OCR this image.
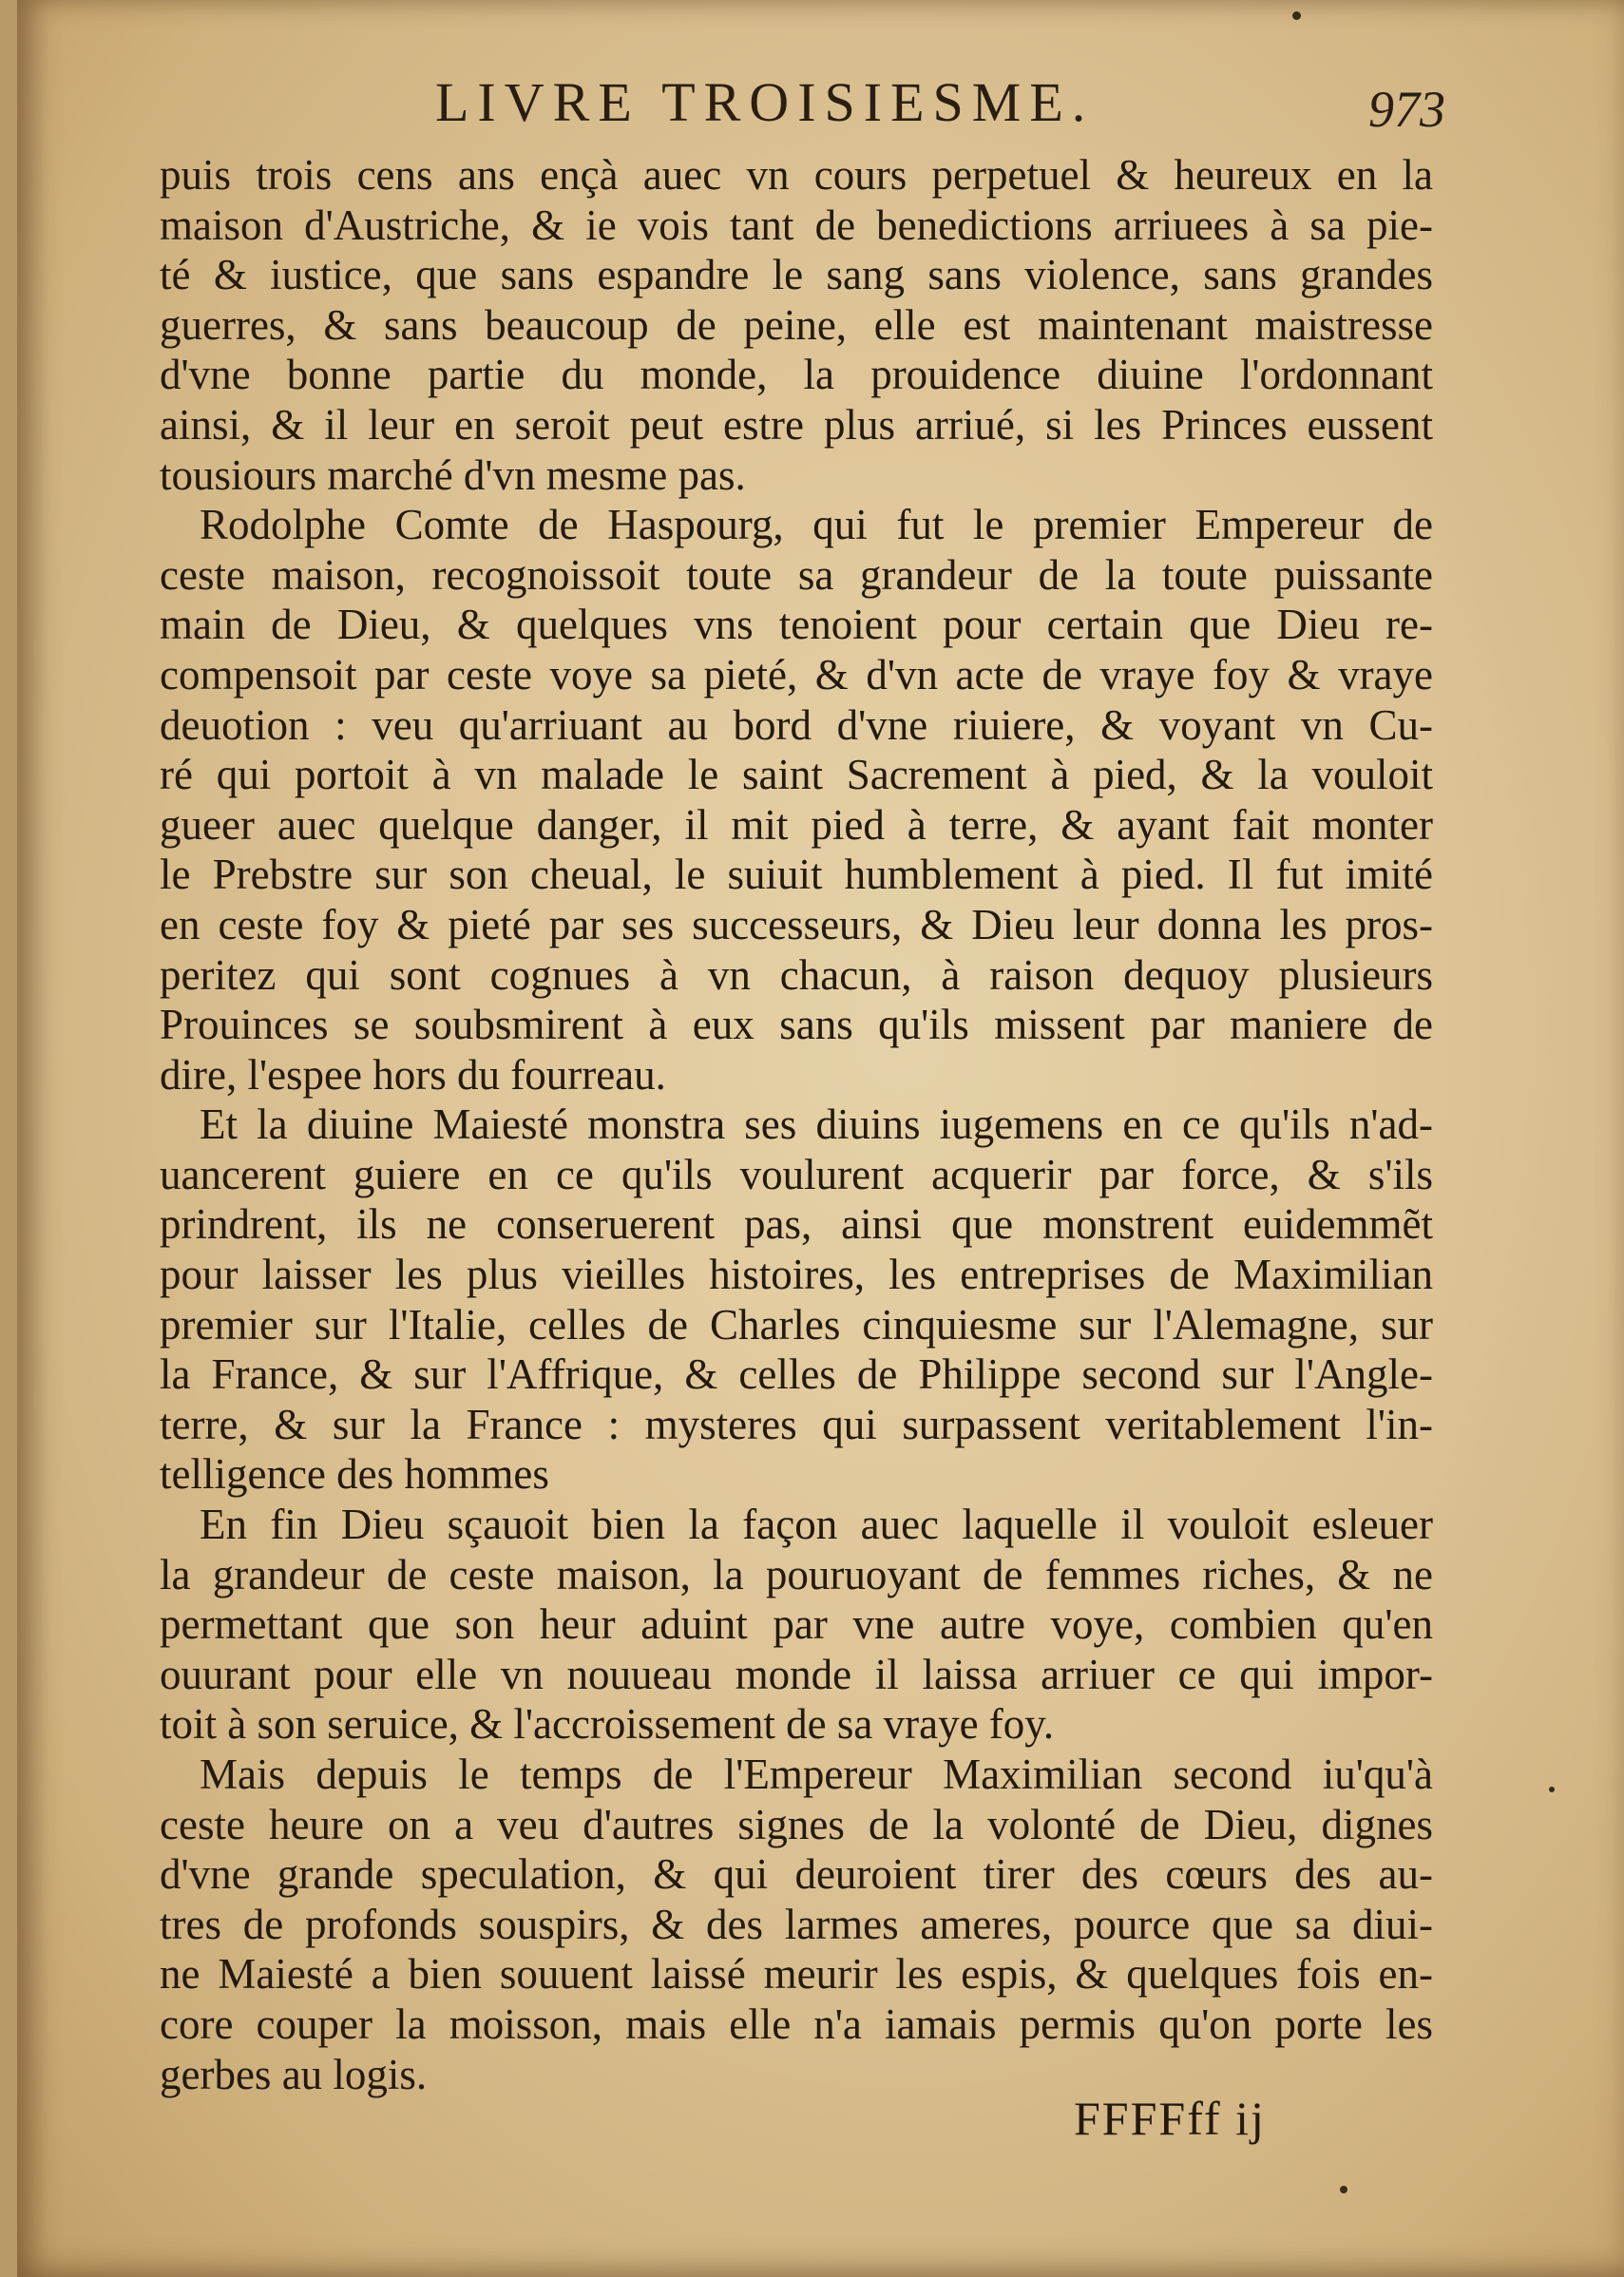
LIVRE TROISIESME.	973
puis trois cens ans ençà auec vn cours perpetuel & heureux en la
maison d'Austriche, & ie vois tant de benedictions arriuees à sa pie-
té & iustice, que sans espandre le sang sans violence, sans grandes
guerres, & sans beaucoup de peine, elle est maintenant maistresse
d'vne bonne partie du monde, la prouidence diuine l'ordonnant
ainsi, & il leur en seroit peut estre plus arriué, si les Princes eussent
tousiours marché d'vn mesme pas.
Rodolphe Comte de Haspourg, qui fut le premier Empereur de
ceste maison, recognoissoit toute sa grandeur de la toute puissante
main de Dieu, & quelques vns tenoient pour certain que Dieu re-
compensoit par ceste voye sa pieté, & d'vn acte de vraye foy & vraye
deuotion : veu qu'arriuant au bord d'vne riuiere, & voyant vn Cu-
ré qui portoit à vn malade le saint Sacrement à pied, & la vouloit
gueer auec quelque danger, il mit pied à terre, & ayant fait monter
le Prebstre sur son cheual, le suiuit humblement à pied. Il fut imité
en ceste foy & pieté par ses successeurs, & Dieu leur donna les pros-
peritez qui sont cognues à vn chacun, à raison dequoy plusieurs
Prouinces se soubsmirent à eux sans qu'ils missent par maniere de
dire, l'espee hors du fourreau.
Et la diuine Maiesté monstra ses diuins iugemens en ce qu'ils n'ad-
uancerent guiere en ce qu'ils voulurent acquerir par force, & s'ils
prindrent, ils ne conseruerent pas, ainsi que monstrent euidemmẽt
pour laisser les plus vieilles histoires, les entreprises de Maximilian
premier sur l'Italie, celles de Charles cinquiesme sur l'Alemagne, sur
la France, & sur l'Affrique, & celles de Philippe second sur l'Angle-
terre, & sur la France : mysteres qui surpassent veritablement l'in-
telligence des hommes
En fin Dieu sçauoit bien la façon auec laquelle il vouloit esleuer
la grandeur de ceste maison, la pouruoyant de femmes riches, & ne
permettant que son heur aduint par vne autre voye, combien qu'en
ouurant pour elle vn nouueau monde il laissa arriuer ce qui impor-
toit à son seruice, & l'accroissement de sa vraye foy.
Mais depuis le temps de l'Empereur Maximilian second iu'qu'à
ceste heure on a veu d'autres signes de la volonté de Dieu, dignes
d'vne grande speculation, & qui deuroient tirer des cœurs des au-
tres de profonds souspirs, & des larmes ameres, pource que sa diui-
ne Maiesté a bien souuent laissé meurir les espis, & quelques fois en-
core couper la moisson, mais elle n'a iamais permis qu'on porte les
gerbes au logis.
FFFFff ij
